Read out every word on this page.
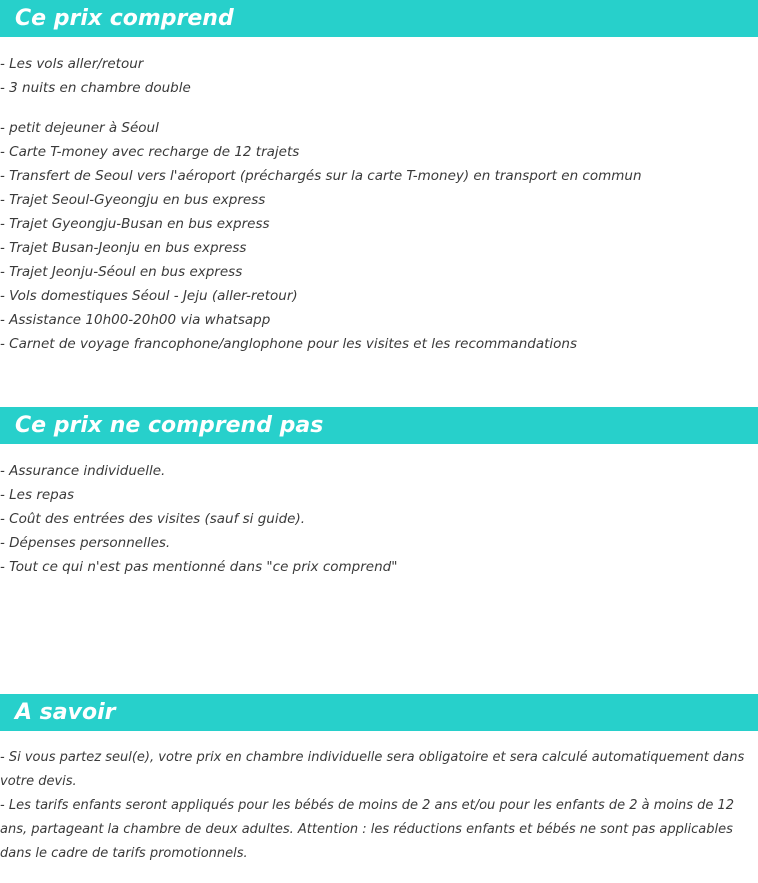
Ce prix comprend
- Les vols aller/retour
- 3 nuits en chambre double
- petit dejeuner à Séoul
- Carte T-money avec recharge de 12 trajets
- Transfert de Seoul vers l'aéroport (préchargés sur la carte T-money) en transport en commun
- Trajet Seoul-Gyeongju en bus express
- Trajet Gyeongju-Busan en bus express
- Trajet Busan-Jeonju en bus express
- Trajet Jeonju-Séoul en bus express
- Vols domestiques Séoul - Jeju (aller-retour)
- Assistance 10h00-20h00 via whatsapp
- Carnet de voyage francophone/anglophone pour les visites et les recommandations
Ce prix ne comprend pas
- Assurance individuelle.
- Les repas
- Coût des entrées des visites (sauf si guide).
- Dépenses personnelles.
- Tout ce qui n'est pas mentionné dans "ce prix comprend"
A savoir

- Si vous partez seul(e), votre prix en chambre individuelle sera obligatoire et sera calculé automatiquement dans votre devis.

- Les tarifs enfants seront appliqués pour les bébés de moins de 2 ans et/ou pour les enfants de 2 à moins de 12 ans, partageant la chambre de deux adultes. Attention : les réductions enfants et bébés ne sont pas applicables dans le cadre de tarifs promotionnels.
